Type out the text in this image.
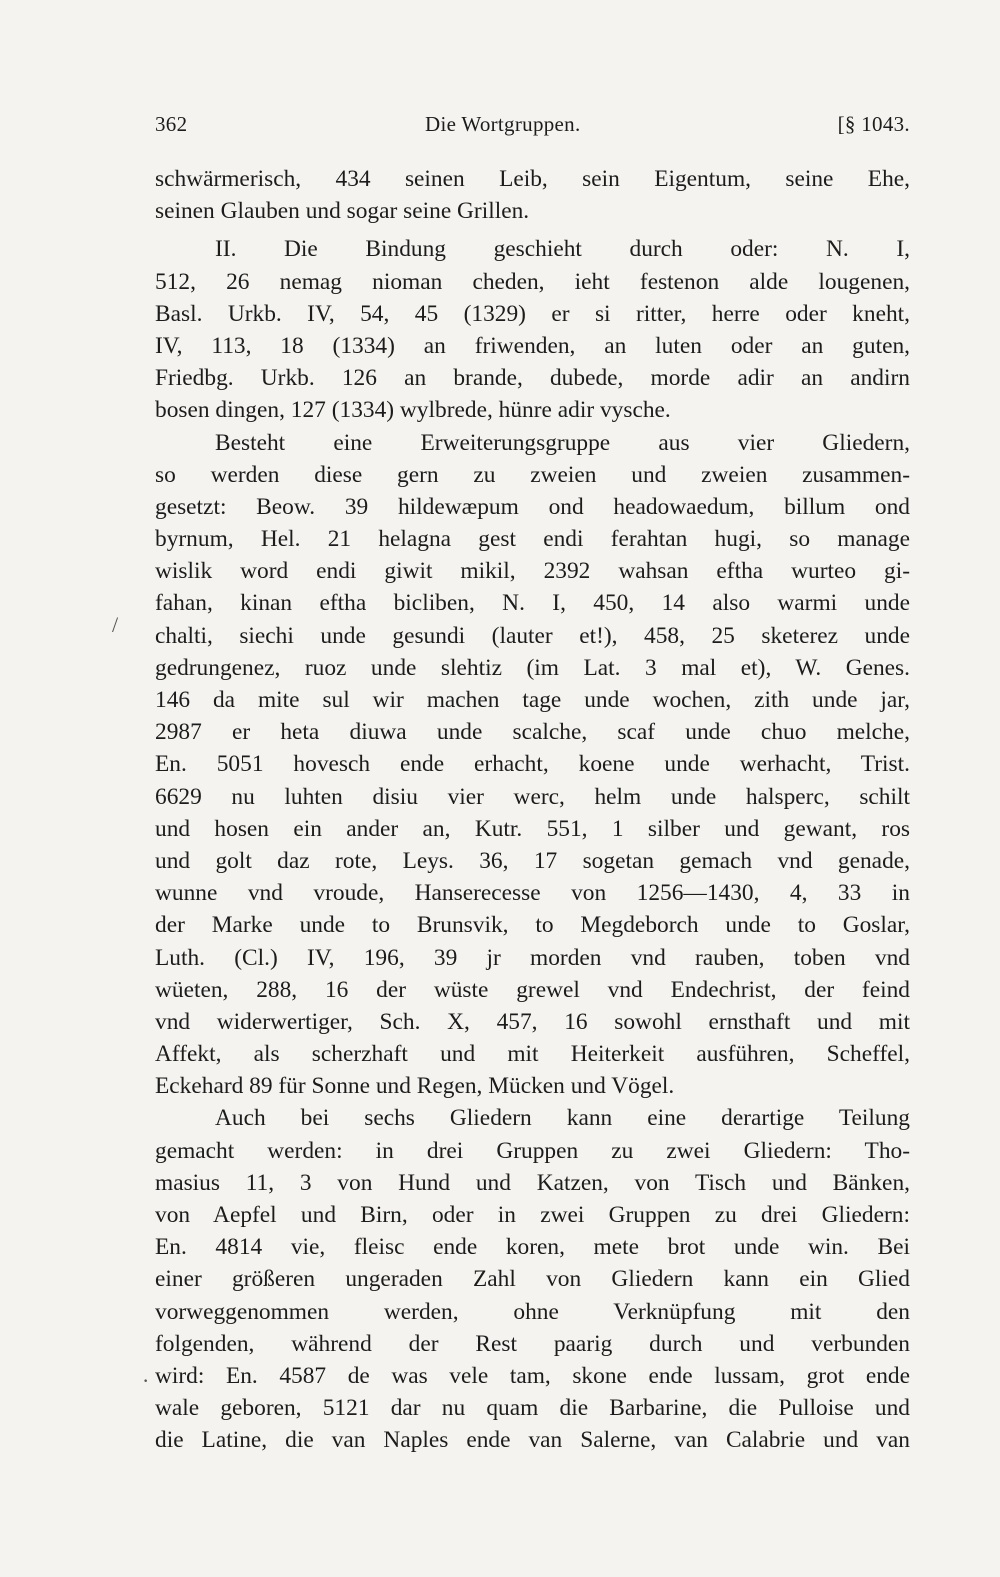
362	Die Wortgruppen.	[§ 1043.
/
·
schwärmerisch, 434 seinen Leib, sein Eigentum, seine Ehe,
seinen Glauben und sogar seine Grillen.
II. Die Bindung geschieht durch oder: N. I,
512, 26 nemag nioman cheden, ieht festenon alde lougenen,
Basl. Urkb. IV, 54, 45 (1329) er si ritter, herre oder kneht,
IV, 113, 18 (1334) an friwenden, an luten oder an guten,
Friedbg. Urkb. 126 an brande, dubede, morde adir an andirn
bosen dingen, 127 (1334) wylbrede, hünre adir vysche.
Besteht eine Erweiterungsgruppe aus vier Gliedern,
so werden diese gern zu zweien und zweien zusammen-
gesetzt: Beow. 39 hildewæpum ond headowaedum, billum ond
byrnum, Hel. 21 helagna gest endi ferahtan hugi, so manage
wislik word endi giwit mikil, 2392 wahsan eftha wurteo gi-
fahan, kinan eftha bicliben, N. I, 450, 14 also warmi unde
chalti, siechi unde gesundi (lauter et!), 458, 25 sketerez unde
gedrungenez, ruoz unde slehtiz (im Lat. 3 mal et), W. Genes.
146 da mite sul wir machen tage unde wochen, zith unde jar,
2987 er heta diuwa unde scalche, scaf unde chuo melche,
En. 5051 hovesch ende erhacht, koene unde werhacht, Trist.
6629 nu luhten disiu vier werc, helm unde halsperc, schilt
und hosen ein ander an, Kutr. 551, 1 silber und gewant, ros
und golt daz rote, Leys. 36, 17 sogetan gemach vnd genade,
wunne vnd vroude, Hanserecesse von 1256—1430, 4, 33 in
der Marke unde to Brunsvik, to Megdeborch unde to Goslar,
Luth. (Cl.) IV, 196, 39 jr morden vnd rauben, toben vnd
wüeten, 288, 16 der wüste grewel vnd Endechrist, der feind
vnd widerwertiger, Sch. X, 457, 16 sowohl ernsthaft und mit
Affekt, als scherzhaft und mit Heiterkeit ausführen, Scheffel,
Eckehard 89 für Sonne und Regen, Mücken und Vögel.
Auch bei sechs Gliedern kann eine derartige Teilung
gemacht werden: in drei Gruppen zu zwei Gliedern: Tho-
masius 11, 3 von Hund und Katzen, von Tisch und Bänken,
von Aepfel und Birn, oder in zwei Gruppen zu drei Gliedern:
En. 4814 vie, fleisc ende koren, mete brot unde win. Bei
einer größeren ungeraden Zahl von Gliedern kann ein Glied
vorweggenommen werden, ohne Verknüpfung mit den
folgenden, während der Rest paarig durch und verbunden
wird: En. 4587 de was vele tam, skone ende lussam, grot ende
wale geboren, 5121 dar nu quam die Barbarine, die Pulloise und
die Latine, die van Naples ende van Salerne, van Calabrie und van
